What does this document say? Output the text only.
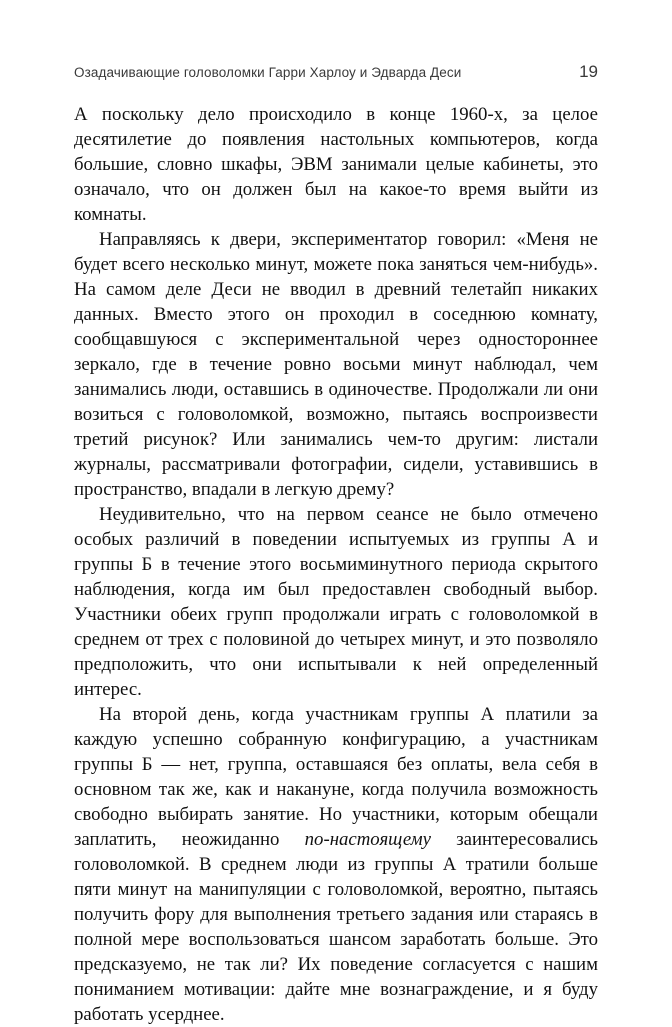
Озадачивающие головоломки Гарри Харлоу и Эдварда Деси	19

А поскольку дело происходило в конце 1960-х, за целое десятилетие до появления настольных компьютеров, когда большие, словно шкафы, ЭВМ занимали целые кабинеты, это означало, что он должен был на какое-то время выйти из комнаты.

Направляясь к двери, экспериментатор говорил: «Меня не будет всего несколько минут, можете пока заняться чем-нибудь». На самом деле Деси не вводил в древний телетайп никаких данных. Вместо этого он проходил в соседнюю комнату, сообщавшуюся с экспериментальной через одностороннее зеркало, где в течение ровно восьми минут наблюдал, чем занимались люди, оставшись в одиночестве. Продолжали ли они возиться с головоломкой, возможно, пытаясь воспроизвести третий рисунок? Или занимались чем-то другим: листали журналы, рассматривали фотографии, сидели, уставившись в пространство, впадали в легкую дрему?

Неудивительно, что на первом сеансе не было отмечено особых различий в поведении испытуемых из группы А и группы Б в течение этого восьмиминутного периода скрытого наблюдения, когда им был предоставлен свободный выбор. Участники обеих групп продолжали играть с головоломкой в среднем от трех с половиной до четырех минут, и это позволяло предположить, что они испытывали к ней определенный интерес.

На второй день, когда участникам группы А платили за каждую успешно собранную конфигурацию, а участникам группы Б — нет, группа, оставшаяся без оплаты, вела себя в основном так же, как и накануне, когда получила возможность свободно выбирать занятие. Но участники, которым обещали заплатить, неожиданно по-настоящему заинтересовались головоломкой. В среднем люди из группы А тратили больше пяти минут на манипуляции с головоломкой, вероятно, пытаясь получить фору для выполнения третьего задания или стараясь в полной мере воспользоваться шансом заработать больше. Это предсказуемо, не так ли? Их поведение согласуется с нашим пониманием мотивации: дайте мне вознаграждение, и я буду работать усерднее.
